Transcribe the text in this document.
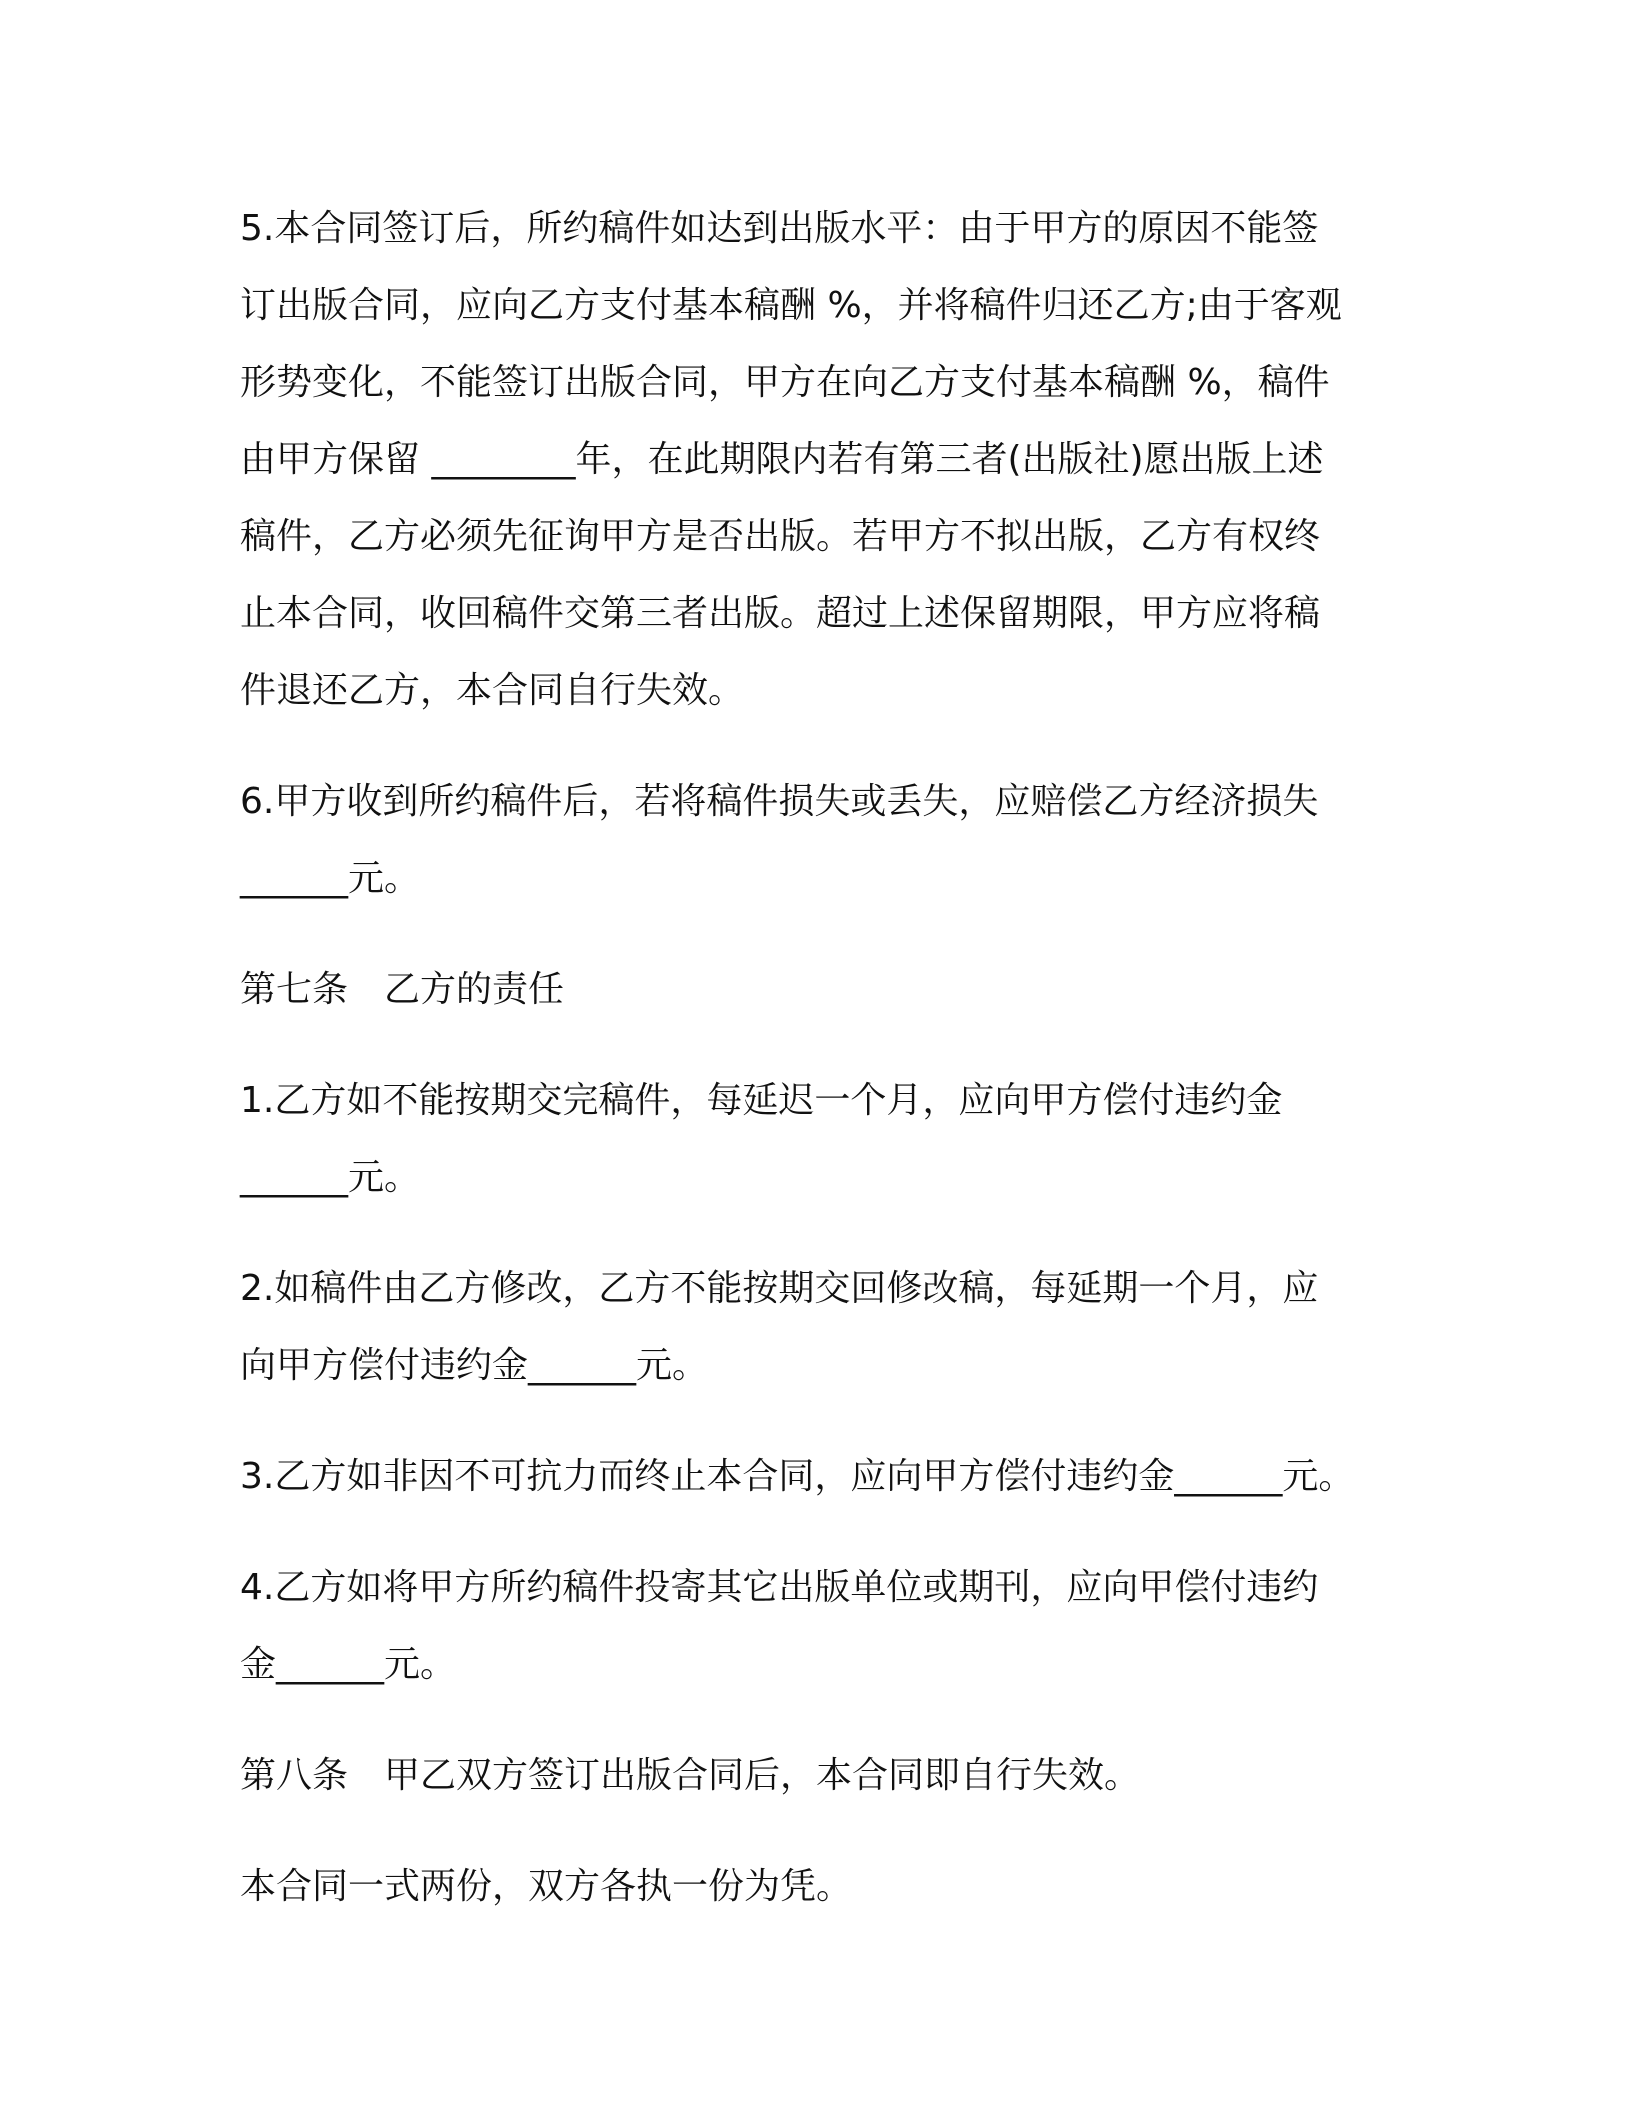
5.本合同签订后，所约稿件如达到出版水平：由于甲方的原因不能签
订出版合同，应向乙方支付基本稿酬 %，并将稿件归还乙方;由于客观
形势变化，不能签订出版合同，甲方在向乙方支付基本稿酬 %，稿件
由甲方保留 ________年，在此期限内若有第三者(出版社)愿出版上述
稿件，乙方必须先征询甲方是否出版。若甲方不拟出版，乙方有权终
止本合同，收回稿件交第三者出版。超过上述保留期限，甲方应将稿
件退还乙方，本合同自行失效。

6.甲方收到所约稿件后，若将稿件损失或丢失，应赔偿乙方经济损失
______元。

第七条　乙方的责任

1.乙方如不能按期交完稿件，每延迟一个月，应向甲方偿付违约金
______元。

2.如稿件由乙方修改，乙方不能按期交回修改稿，每延期一个月，应
向甲方偿付违约金______元。

3.乙方如非因不可抗力而终止本合同，应向甲方偿付违约金______元。

4.乙方如将甲方所约稿件投寄其它出版单位或期刊，应向甲偿付违约
金______元。

第八条　甲乙双方签订出版合同后，本合同即自行失效。

本合同一式两份，双方各执一份为凭。
